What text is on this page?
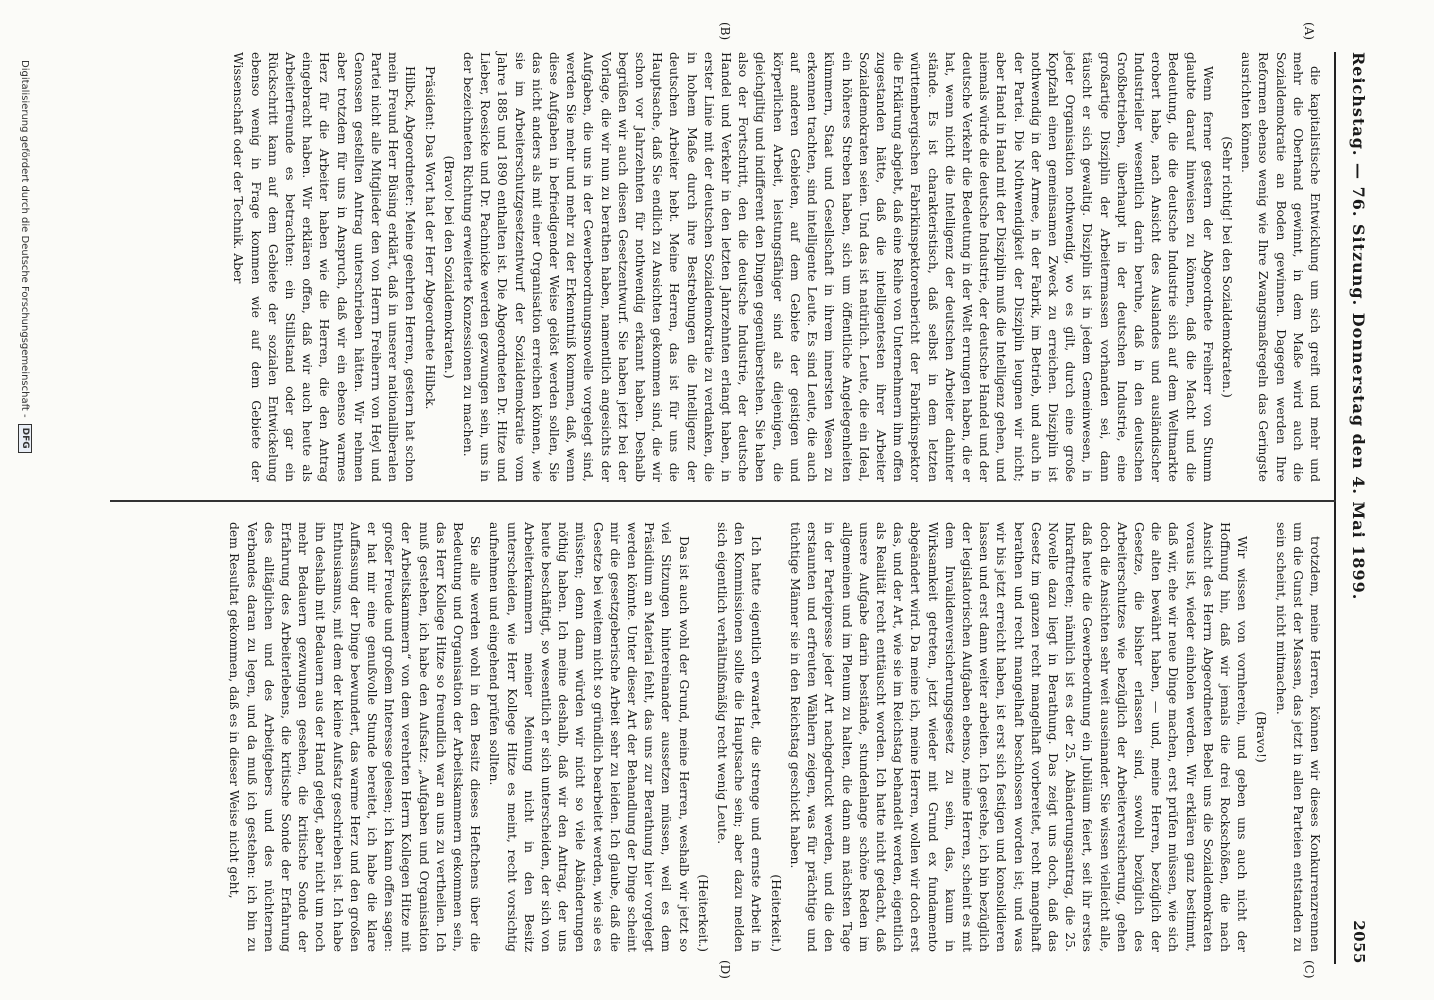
Reichstag. — 76. Sitzung. Donnerstag den 4. Mai 1899.
2055
(A)
(B)
(C)
(D)

die kapitalistische Entwicklung um sich greift und mehr und mehr die Oberhand gewinnt, in dem Maße wird auch die Sozialdemokratie an Boden gewinnen. Dagegen werden Ihre Reformen ebenso wenig wie Ihre Zwangsmaßregeln das Geringste ausrichten können.

(Sehr richtig! bei den Sozialdemokraten.)

Wenn ferner gestern der Abgeordnete Freiherr von Stumm glaubte darauf hinweisen zu können, daß die Macht und die Bedeutung, die die deutsche Industrie sich auf dem Weltmarkte erobert habe, nach Ansicht des Auslandes und ausländischer Industrieller wesentlich darin beruhe, daß in den deutschen Großbetrieben, überhaupt in der deutschen Industrie, eine großartige Disziplin der Arbeitermassen vorhanden sei, dann täuscht er sich gewaltig. Disziplin ist in jedem Gemeinwesen, in jeder Organisation nothwendig, wo es gilt, durch eine große Kopfzahl einen gemeinsamen Zweck zu erreichen. Disziplin ist nothwendig in der Armee, in der Fabrik, im Betrieb, und auch in der Partei. Die Nothwendigkeit der Disziplin leugnen wir nicht; aber Hand in Hand mit der Disziplin muß die Intelligenz gehen, und niemals würde die deutsche Industrie, der deutsche Handel und der deutsche Verkehr die Bedeutung in der Welt errungen haben, die er hat, wenn nicht die Intelligenz der deutschen Arbeiter dahinter stände. Es ist charakteristisch, daß selbst in dem letzten württembergischen Fabrikinspektorenbericht der Fabrikinspektor die Erklärung abgiebt, daß eine Reihe von Unternehmern ihm offen zugestanden hätte, daß die intelligentesten ihrer Arbeiter Sozialdemokraten seien. Und das ist natürlich. Leute, die ein Ideal, ein höheres Streben haben, sich um öffentliche Angelegenheiten kümmern, Staat und Gesellschaft in ihrem innersten Wesen zu erkennen trachten, sind intelligente Leute. Es sind Leute, die auch auf anderen Gebieten, auf dem Gebiete der geistigen und körperlichen Arbeit, leistungsfähiger sind als diejenigen, die gleichgiltig und indifferent den Dingen gegenüberstehen. Sie haben also der Fortschritt, den die deutsche Industrie, der deutsche Handel und Verkehr in den letzten Jahrzehnten erlangt haben, in erster Linie mit der deutschen Sozialdemokratie zu verdanken, die in hohem Maße durch ihre Bestrebungen die Intelligenz der deutschen Arbeiter hebt. Meine Herren, das ist für uns die Hauptsache, daß Sie endlich zu Ansichten gekommen sind, die wir schon vor Jahrzehnten für nothwendig erkannt haben. Deshalb begrüßen wir auch diesen Gesetzentwurf. Sie haben jetzt bei der Vorlage, die wir nun zu berathen haben, namentlich angesichts der Aufgaben, die uns in der Gewerbeordnungsnovelle vorgelegt sind, werden Sie mehr und mehr zu der Erkenntniß kommen, daß, wenn diese Aufgaben in befriedigender Weise gelöst werden sollen, Sie das nicht anders als mit einer Organisation erreichen können, wie sie im Arbeiterschutzgesetzentwurf der Sozialdemokratie vom Jahre 1885 und 1890 enthalten ist. Die Abgeordneten Dr. Hitze und Lieber, Roesicke und Dr. Pachnicke werden gezwungen sein, uns in der bezeichneten Richtung erweiterte Konzessionen zu machen.

(Bravo! bei den Sozialdemokraten.)

Präsident: Das Wort hat der Herr Abgeordnete Hilbck.

Hilbck, Abgeordneter: Meine geehrten Herren, gestern hat schon mein Freund Herr Büsing erklärt, daß in unserer nationalliberalen Partei nicht alle Mitglieder den von Herrn Freiherrn von Heyl und Genossen gestellten Antrag unterschrieben hätten. Wir nehmen aber trotzdem für uns in Anspruch, daß wir ein ebenso warmes Herz für die Arbeiter haben wie die Herren, die den Antrag eingebracht haben. Wir erklären offen, daß wir auch heute als Arbeiterfreunde es betrachten: ein Stillstand oder gar ein Rückschritt kann auf dem Gebiete der sozialen Entwickelung ebenso wenig in Frage kommen wie auf dem Gebiete der Wissenschaft oder der Technik. Aber

trotzdem, meine Herren, können wir dieses Konkurrenzrennen um die Gunst der Massen, das jetzt in allen Parteien entstanden zu sein scheint, nicht mitmachen.

(Bravo!)

Wir wissen von vornherein, und geben uns auch nicht der Hoffnung hin, daß wir jemals die drei Rockschößen, die nach Ansicht des Herrn Abgeordneten Bebel uns die Sozialdemokraten voraus ist, wieder einholen werden. Wir erklären ganz bestimmt, daß wir, ehe wir neue Dinge machen, erst prüfen müssen, wie sich die alten bewährt haben, — und, meine Herren, bezüglich der Gesetze, die bisher erlassen sind, sowohl bezüglich des Arbeiterschutzes wie bezüglich der Arbeiterversicherung, gehen doch die Ansichten sehr weit auseinander. Sie wissen vielleicht alle, daß heute die Gewerbeordnung ein Jubiläum feiert, seit ihr erstes Inkrafttreten; nämlich ist es der 25. Abänderungsantrag, die 25. Novelle dazu liegt in Berathung. Das zeigt uns doch, daß das Gesetz im ganzen recht mangelhaft vorbereitet, recht mangelhaft berathen und recht mangelhaft beschlossen worden ist; und was wir bis jetzt erreicht haben, ist erst sich festigen und konsolidieren lassen und erst dann weiter arbeiten. Ich gestehe, ich bin bezüglich der legislatorischen Aufgaben ebenso, meine Herren, scheint es mit dem Invalidenversicherungsgesetz zu sein, das, kaum in Wirksamkeit getreten, jetzt wieder mit Grund ex fundamento abgeändert wird. Da meine ich, meine Herren, wollen wir doch erst das, und der Art, wie sie im Reichstag behandelt werden, eigentlich als Realität recht enttäuscht worden. Ich hatte nicht gedacht, daß unsere Aufgabe darin bestände, stundenlange schöne Reden im allgemeinen und im Plenum zu halten, die dann am nächsten Tage in der Parteipresse jeder Art nachgedruckt werden, und die den erstaunten und erfreuten Wählern zeigen, was für prächtige und tüchtige Männer sie in den Reichstag geschickt haben.

(Heiterkeit.)

Ich hatte eigentlich erwartet, die strenge und ernste Arbeit in den Kommissionen sollte die Hauptsache sein; aber dazu melden sich eigentlich verhältnißmäßig recht wenig Leute.

(Heiterkeit.)

Das ist auch wohl der Grund, meine Herren, weshalb wir jetzt so viel Sitzungen hintereinander aussetzen müssen, weil es dem Präsidium an Material fehlt, das uns zur Berathung hier vorgelegt werden könnte. Unter dieser Art der Behandlung der Dinge scheint mir die gesetzgeberische Arbeit sehr zu leiden. Ich glaube, daß die Gesetze bei weitem nicht so gründlich bearbeitet werden, wie sie es müssten; denn dann würden wir nicht so viele Abänderungen nöthig haben. Ich meine deshalb, daß wir den Antrag, der uns heute beschäftigt, so wesentlich er sich unterscheiden, der sich von Arbeiterkammern meiner Meinung nicht in den Besitz unterscheiden, wie Herr Kollege Hitze es meint, recht vorsichtig aufnehmen und eingehend prüfen sollten.

Sie alle werden wohl in den Besitz dieses Heftchens über die Bedeutung und Organisation der Arbeitskammern gekommen sein, das Herr Kollege Hitze so freundlich war an uns zu vertheilen. Ich muß gestehen, ich habe den Aufsatz: „Aufgaben und Organisation der Arbeitskammern“ von dem verehrten Herrn Kollegen Hitze mit großer Freude und großem Interesse gelesen; ich kann offen sagen: er hat mir eine genußvolle Stunde bereitet, ich habe die klare Auffassung der Dinge bewundert, das warme Herz und den großen Enthusiasmus, mit dem der kleine Aufsatz geschrieben ist. Ich habe ihn deshalb mit Bedauern aus der Hand gelegt, aber nicht um noch mehr Bedauern gezwungen gesehen, die kritische Sonde der Erfahrung des Arbeiterlebens, die kritische Sonde der Erfahrung des alltäglichen und des Arbeitgebers und des nüchternen Verbandes daran zu legen, und da muß ich gestehen: ich bin zu dem Resultat gekommen, daß es in dieser Weise nicht geht,

Digitalisierung gefördert durch die Deutsche Forschungsgemeinschaft -
DFG
